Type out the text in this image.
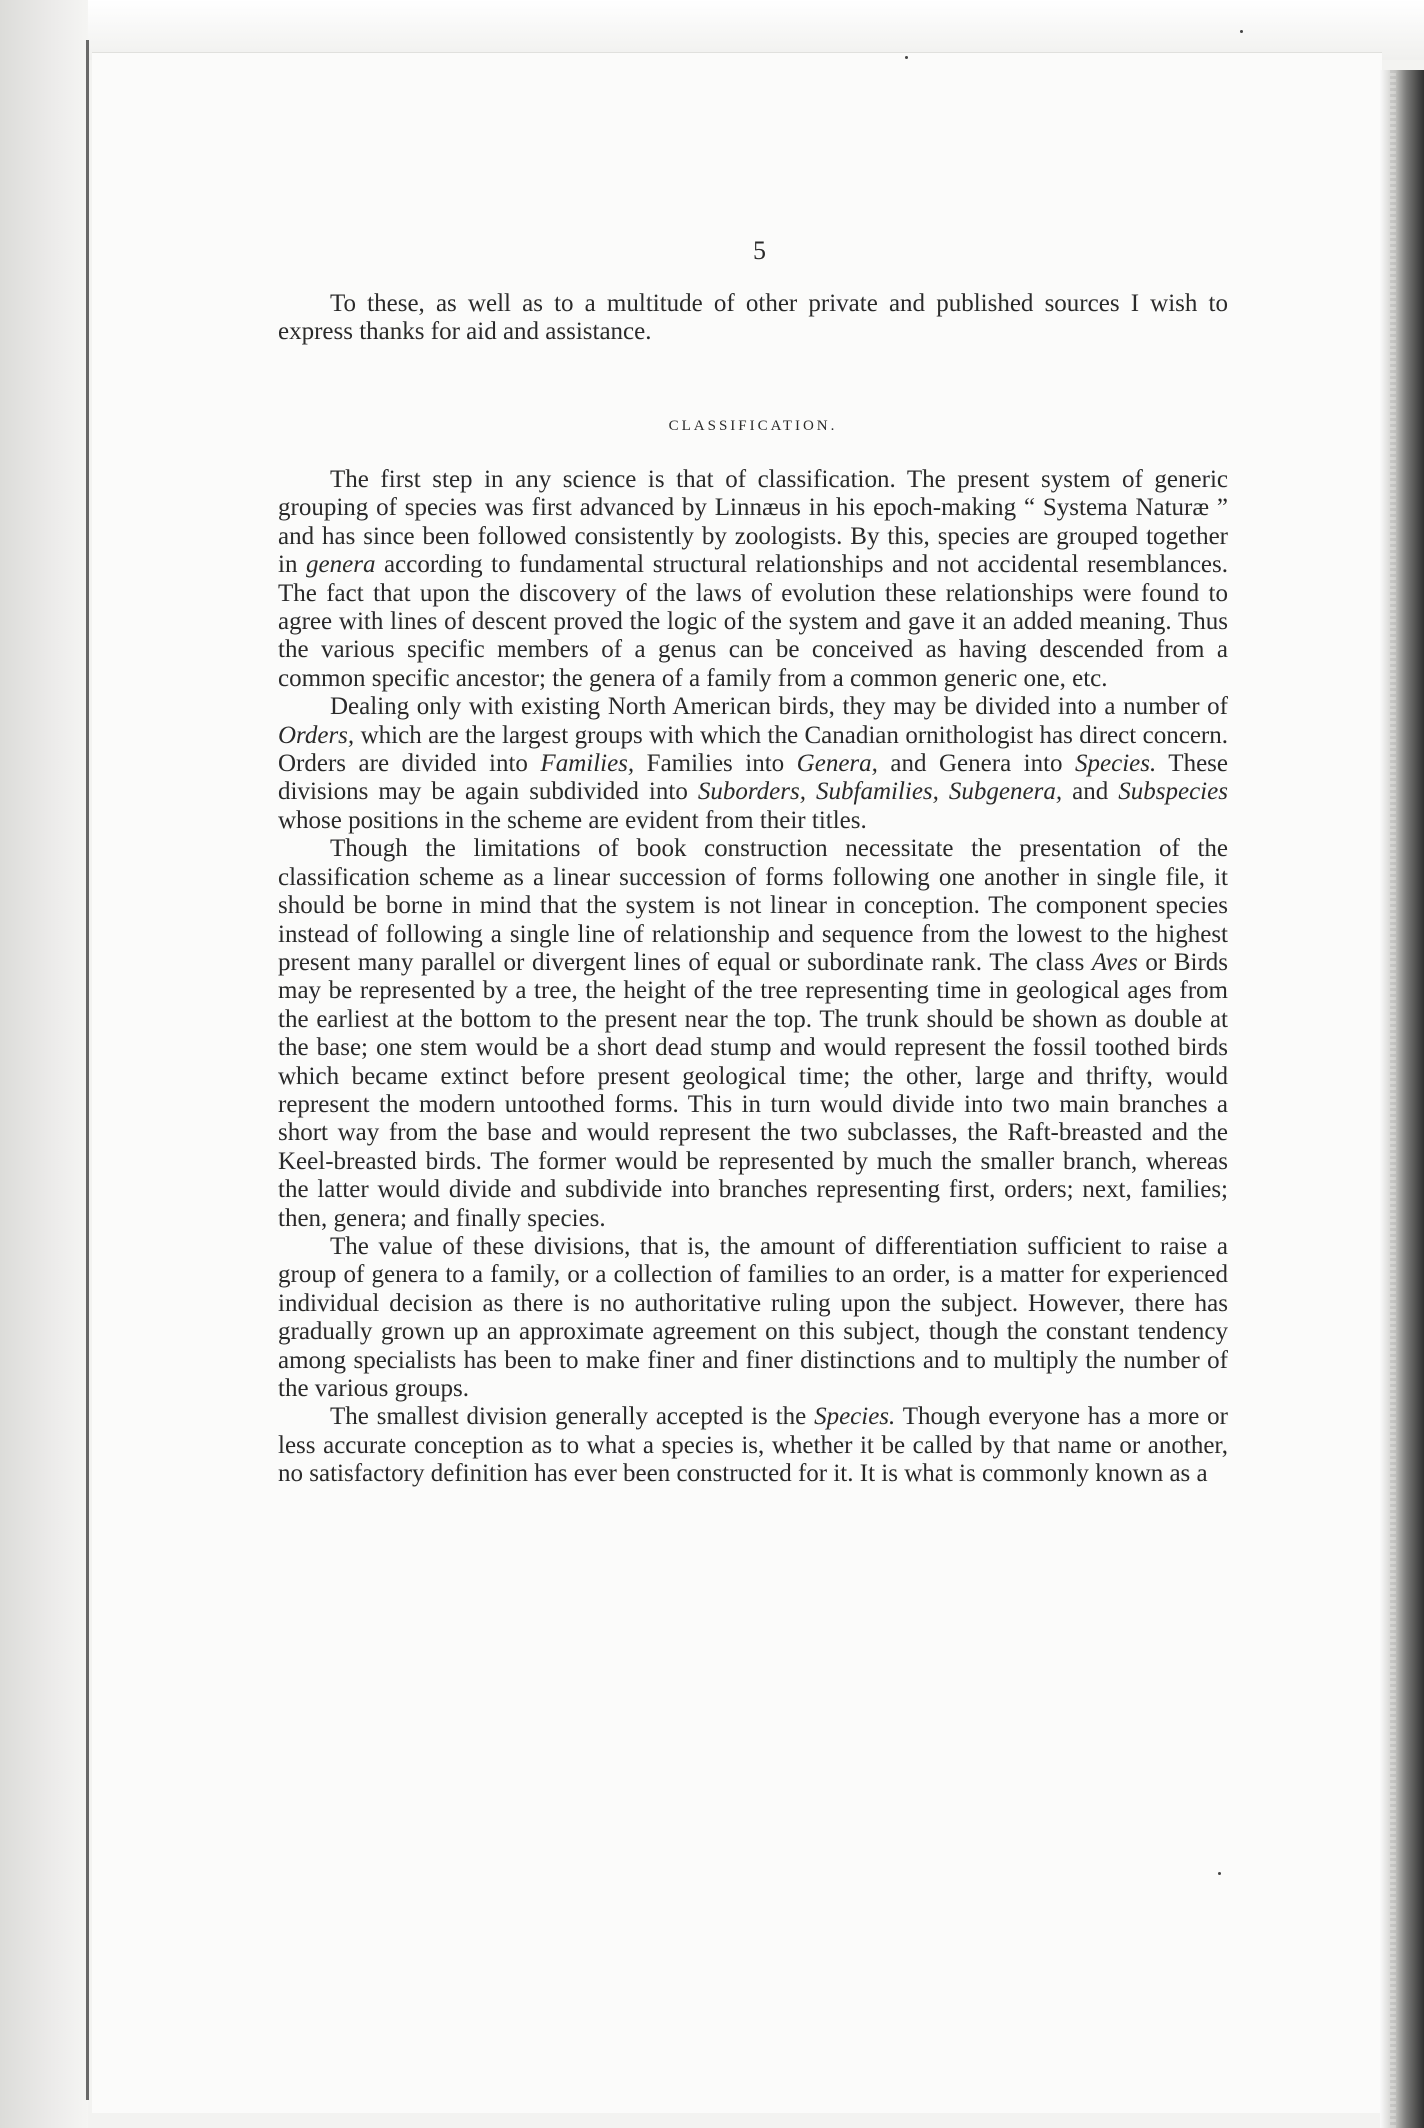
5

To these, as well as to a multitude of other private and published sources I wish to express thanks for aid and assistance.

CLASSIFICATION.

The first step in any science is that of classification. The present system of generic grouping of species was first advanced by Linnæus in his epoch-making “ Systema Naturæ ” and has since been followed consistently by zoologists. By this, species are grouped together in genera according to fundamental structural relationships and not accidental resemblances. The fact that upon the discovery of the laws of evolution these relationships were found to agree with lines of descent proved the logic of the system and gave it an added meaning. Thus the various specific members of a genus can be conceived as having descended from a common specific ancestor; the genera of a family from a common generic one, etc.

Dealing only with existing North American birds, they may be divided into a number of Orders, which are the largest groups with which the Canadian ornithologist has direct concern. Orders are divided into Families, Families into Genera, and Genera into Species. These divisions may be again subdivided into Suborders, Subfamilies, Subgenera, and Subspecies whose positions in the scheme are evident from their titles.

Though the limitations of book construction necessitate the presentation of the classification scheme as a linear succession of forms following one another in single file, it should be borne in mind that the system is not linear in conception. The component species instead of following a single line of relationship and sequence from the lowest to the highest present many parallel or divergent lines of equal or subordinate rank. The class Aves or Birds may be represented by a tree, the height of the tree representing time in geological ages from the earliest at the bottom to the present near the top. The trunk should be shown as double at the base; one stem would be a short dead stump and would represent the fossil toothed birds which became extinct before present geological time; the other, large and thrifty, would represent the modern untoothed forms. This in turn would divide into two main branches a short way from the base and would represent the two subclasses, the Raft-breasted and the Keel-breasted birds. The former would be represented by much the smaller branch, whereas the latter would divide and subdivide into branches representing first, orders; next, families; then, genera; and finally species.

The value of these divisions, that is, the amount of differentiation sufficient to raise a group of genera to a family, or a collection of families to an order, is a matter for experienced individual decision as there is no authoritative ruling upon the subject. However, there has gradually grown up an approximate agreement on this subject, though the constant tendency among specialists has been to make finer and finer distinctions and to multiply the number of the various groups.

The smallest division generally accepted is the Species. Though everyone has a more or less accurate conception as to what a species is, whether it be called by that name or another, no satisfactory definition has ever been constructed for it. It is what is commonly known as a
